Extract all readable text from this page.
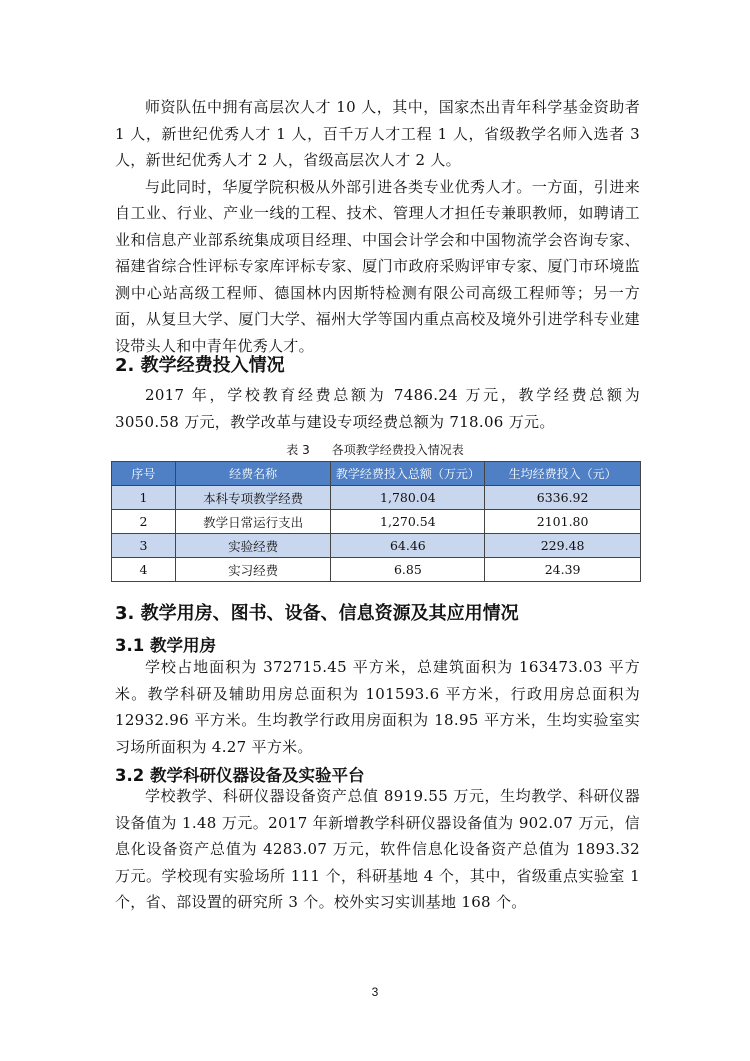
师资队伍中拥有高层次人才 10 人，其中，国家杰出青年科学基金资助者 1 人，新世纪优秀人才 1 人，百千万人才工程 1 人，省级教学名师入选者 3 人，新世纪优秀人才 2 人，省级高层次人才 2 人。

与此同时，华厦学院积极从外部引进各类专业优秀人才。一方面，引进来自工业、行业、产业一线的工程、技术、管理人才担任专兼职教师，如聘请工业和信息产业部系统集成项目经理、中国会计学会和中国物流学会咨询专家、福建省综合性评标专家库评标专家、厦门市政府采购评审专家、厦门市环境监测中心站高级工程师、德国林内因斯特检测有限公司高级工程师等；另一方面，从复旦大学、厦门大学、福州大学等国内重点高校及境外引进学科专业建设带头人和中青年优秀人才。

2. 教学经费投入情况

2017 年，学校教育经费总额为 7486.24 万元，教学经费总额为 3050.58 万元，教学改革与建设专项经费总额为 718.06 万元。

表 3 各项教学经费投入情况表
序号	经费名称	教学经费投入总额（万元）	生均经费投入（元）
1	本科专项教学经费	1,780.04	6336.92
2	教学日常运行支出	1,270.54	2101.80
3	实验经费	64.46	229.48
4	实习经费	6.85	24.39
3. 教学用房、图书、设备、信息资源及其应用情况
3.1 教学用房

学校占地面积为 372715.45 平方米，总建筑面积为 163473.03 平方米。教学科研及辅助用房总面积为 101593.6 平方米，行政用房总面积为 12932.96 平方米。生均教学行政用房面积为 18.95 平方米，生均实验室实习场所面积为 4.27 平方米。

3.2 教学科研仪器设备及实验平台

学校教学、科研仪器设备资产总值 8919.55 万元，生均教学、科研仪器设备值为 1.48 万元。2017 年新增教学科研仪器设备值为 902.07 万元，信息化设备资产总值为 4283.07 万元，软件信息化设备资产总值为 1893.32 万元。学校现有实验场所 111 个，科研基地 4 个，其中，省级重点实验室 1 个，省、部设置的研究所 3 个。校外实习实训基地 168 个。

3
